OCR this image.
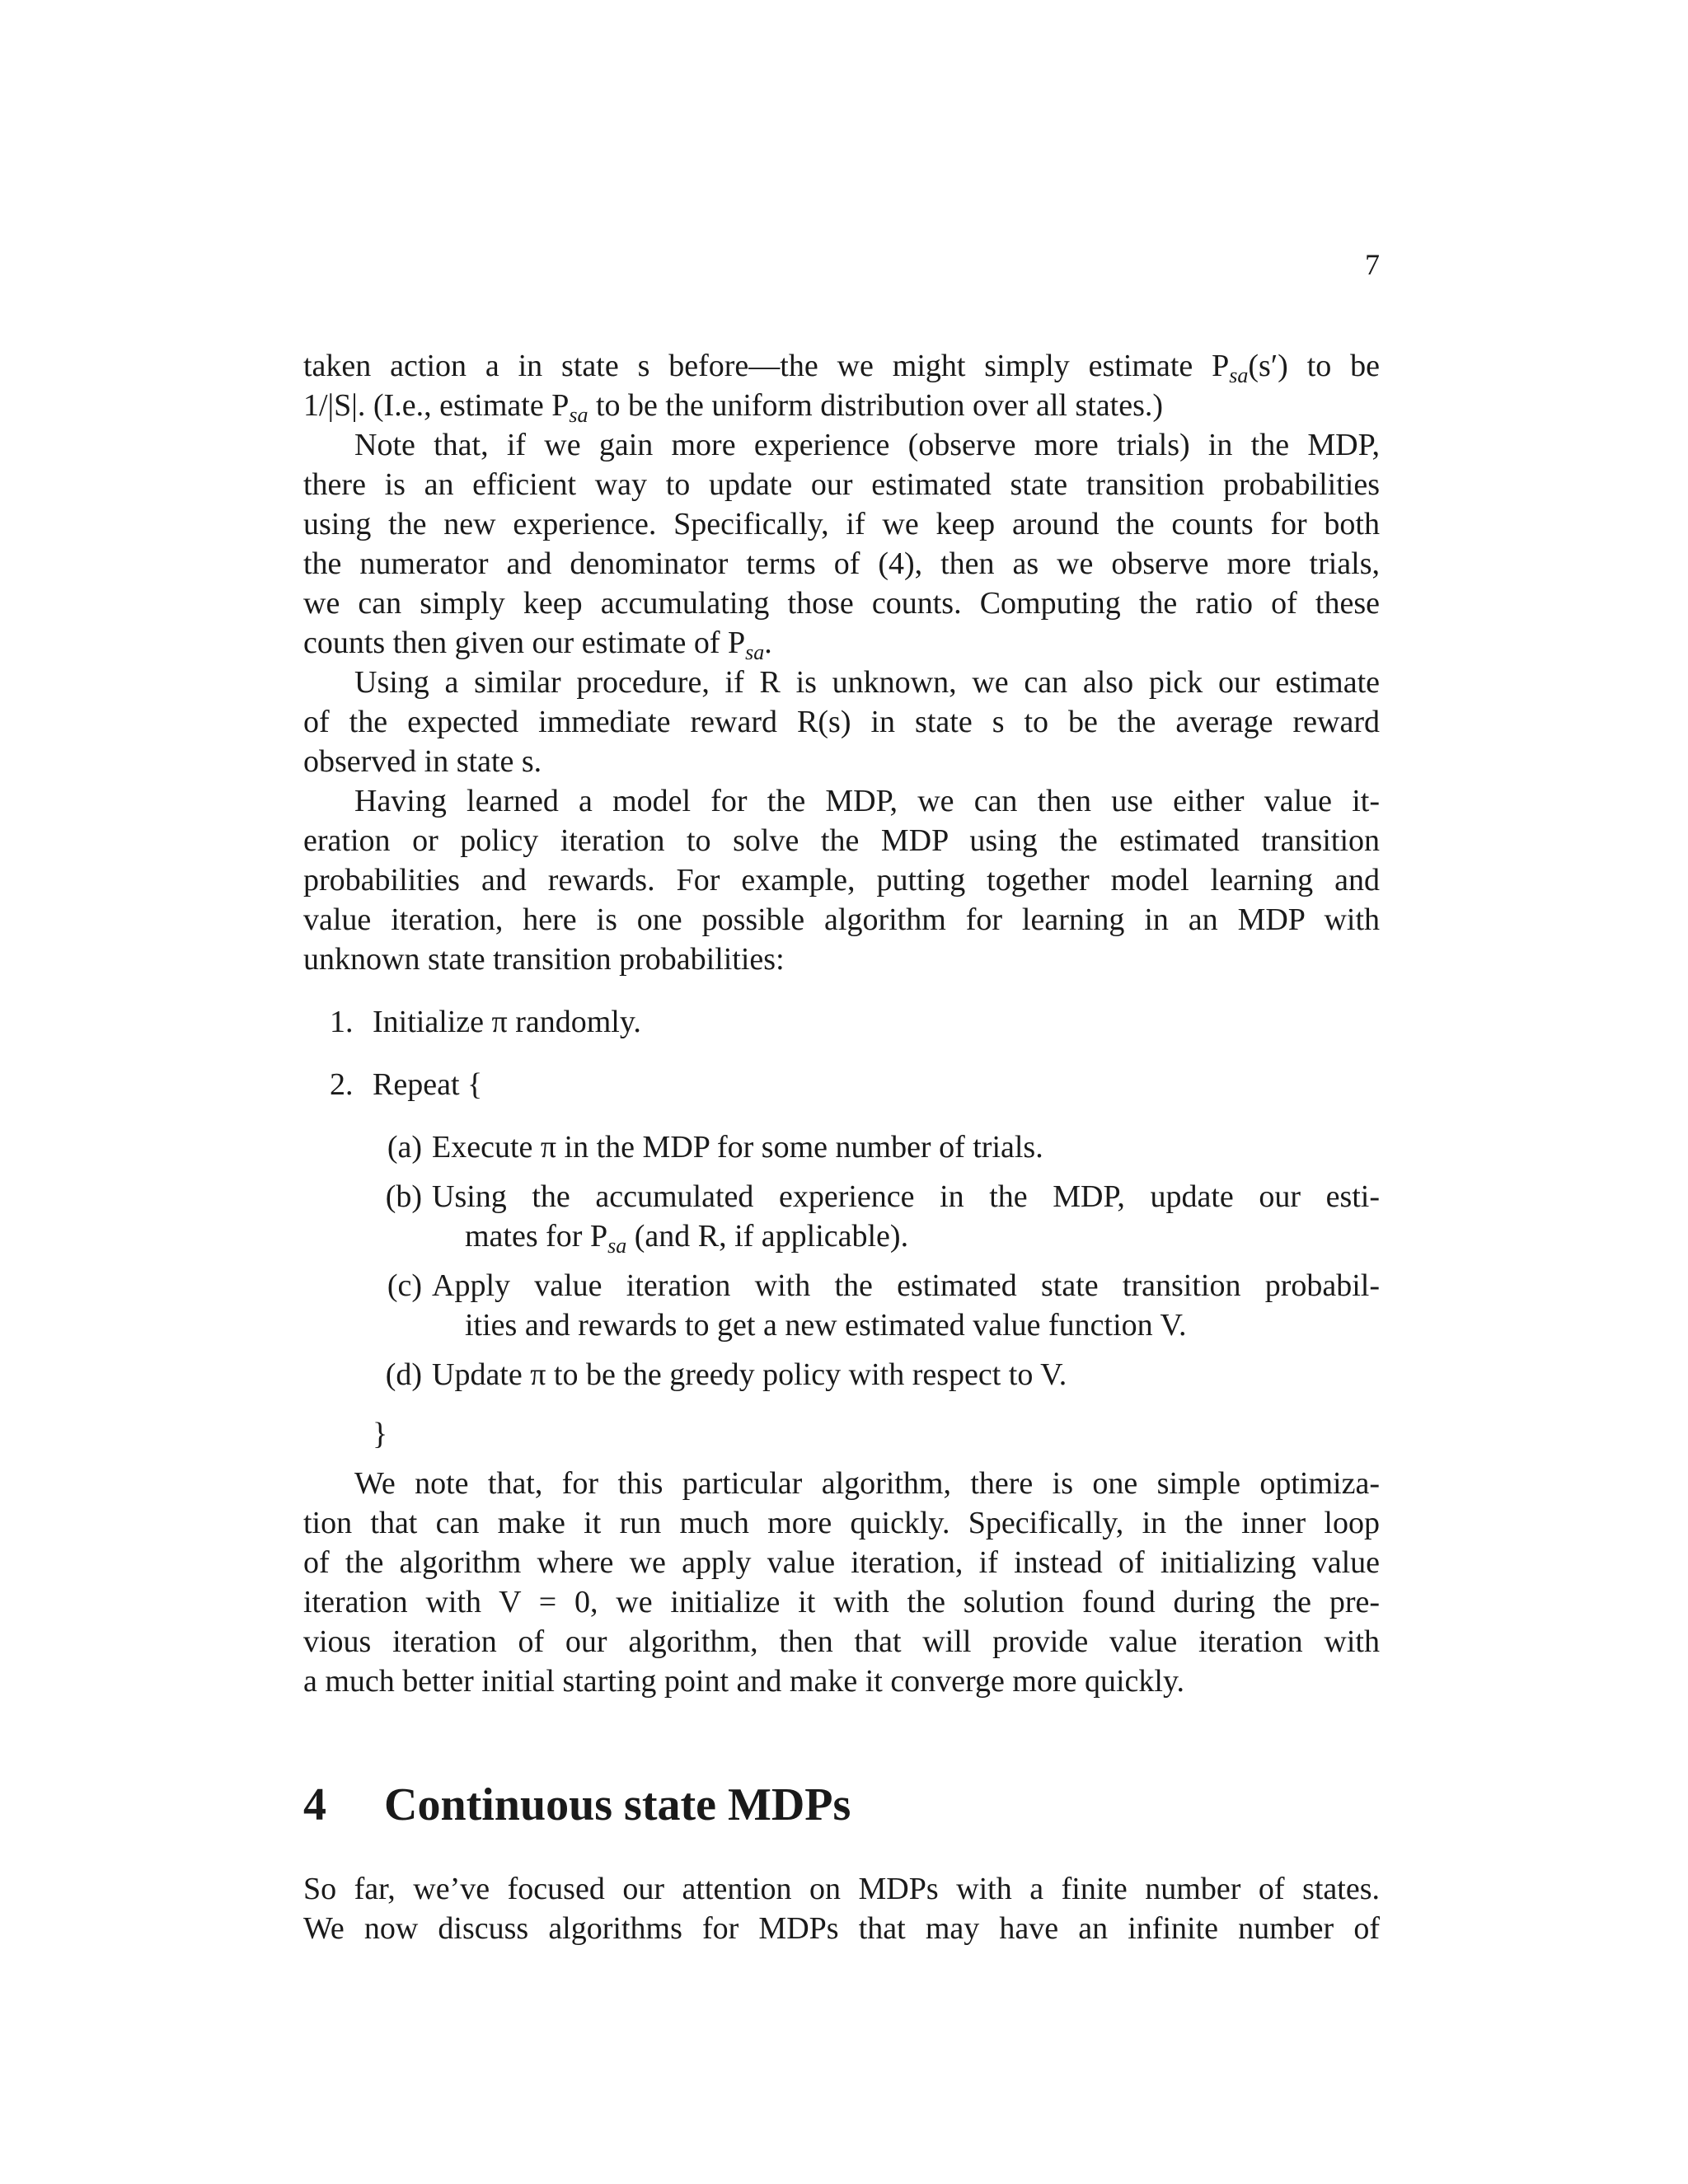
7

taken action a in state s before—the we might simply estimate $P_{sa}(s')$ to be

1/|S|. (I.e., estimate $P_{sa}$ to be the uniform distribution over all states.)

Note that, if we gain more experience (observe more trials) in the MDP,

there is an efficient way to update our estimated state transition probabilities

using the new experience. Specifically, if we keep around the counts for both

the numerator and denominator terms of (4), then as we observe more trials,

we can simply keep accumulating those counts. Computing the ratio of these

counts then given our estimate of $P_{sa}$.

Using a similar procedure, if R is unknown, we can also pick our estimate

of the expected immediate reward R(s) in state s to be the average reward

observed in state s.

Having learned a model for the MDP, we can then use either value it-

eration or policy iteration to solve the MDP using the estimated transition

probabilities and rewards. For example, putting together model learning and

value iteration, here is one possible algorithm for learning in an MDP with

unknown state transition probabilities:

1. Initialize π randomly.
2. Repeat {
(a) Execute π in the MDP for some number of trials.
(b) Using the accumulated experience in the MDP, update our esti-

mates for $P_{sa}$ (and R, if applicable).

(c) Apply value iteration with the estimated state transition probabil-

ities and rewards to get a new estimated value function V.

(d) Update π to be the greedy policy with respect to V.
}

We note that, for this particular algorithm, there is one simple optimiza-

tion that can make it run much more quickly. Specifically, in the inner loop

of the algorithm where we apply value iteration, if instead of initializing value

iteration with V = 0, we initialize it with the solution found during the pre-

vious iteration of our algorithm, then that will provide value iteration with

a much better initial starting point and make it converge more quickly.

4 Continuous state MDPs

So far, we’ve focused our attention on MDPs with a finite number of states.

We now discuss algorithms for MDPs that may have an infinite number of
